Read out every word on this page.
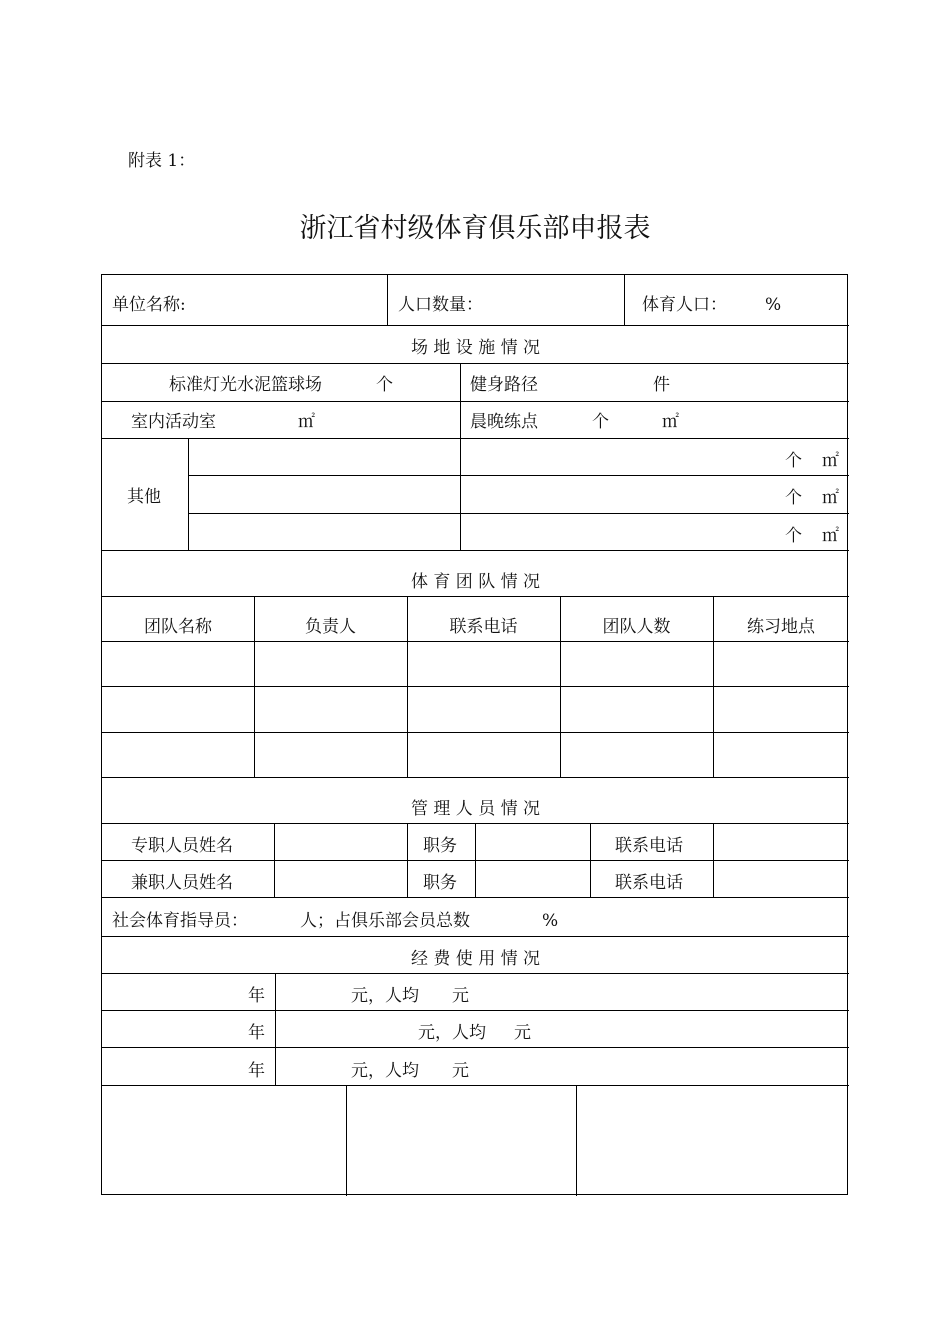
附表 1：
浙江省村级体育俱乐部申报表
单位名称:	人口数量：	体育人口： %
场 地 设 施 情 况
标准灯光水泥篮球场	个	健身路径	件
室内活动室	㎡	晨晚练点	个	㎡
其他
个 ㎡
个 ㎡
个 ㎡
体 育 团 队 情 况
团队名称	负责人	联系电话	团队人数	练习地点
管 理 人 员 情 况
专职人员姓名	职务	联系电话
兼职人员姓名	职务	联系电话
社会体育指导员：	人；占俱乐部会员总数	%
经 费 使 用 情 况
年	元，人均 元
年	元，人均 元
年	元，人均 元
